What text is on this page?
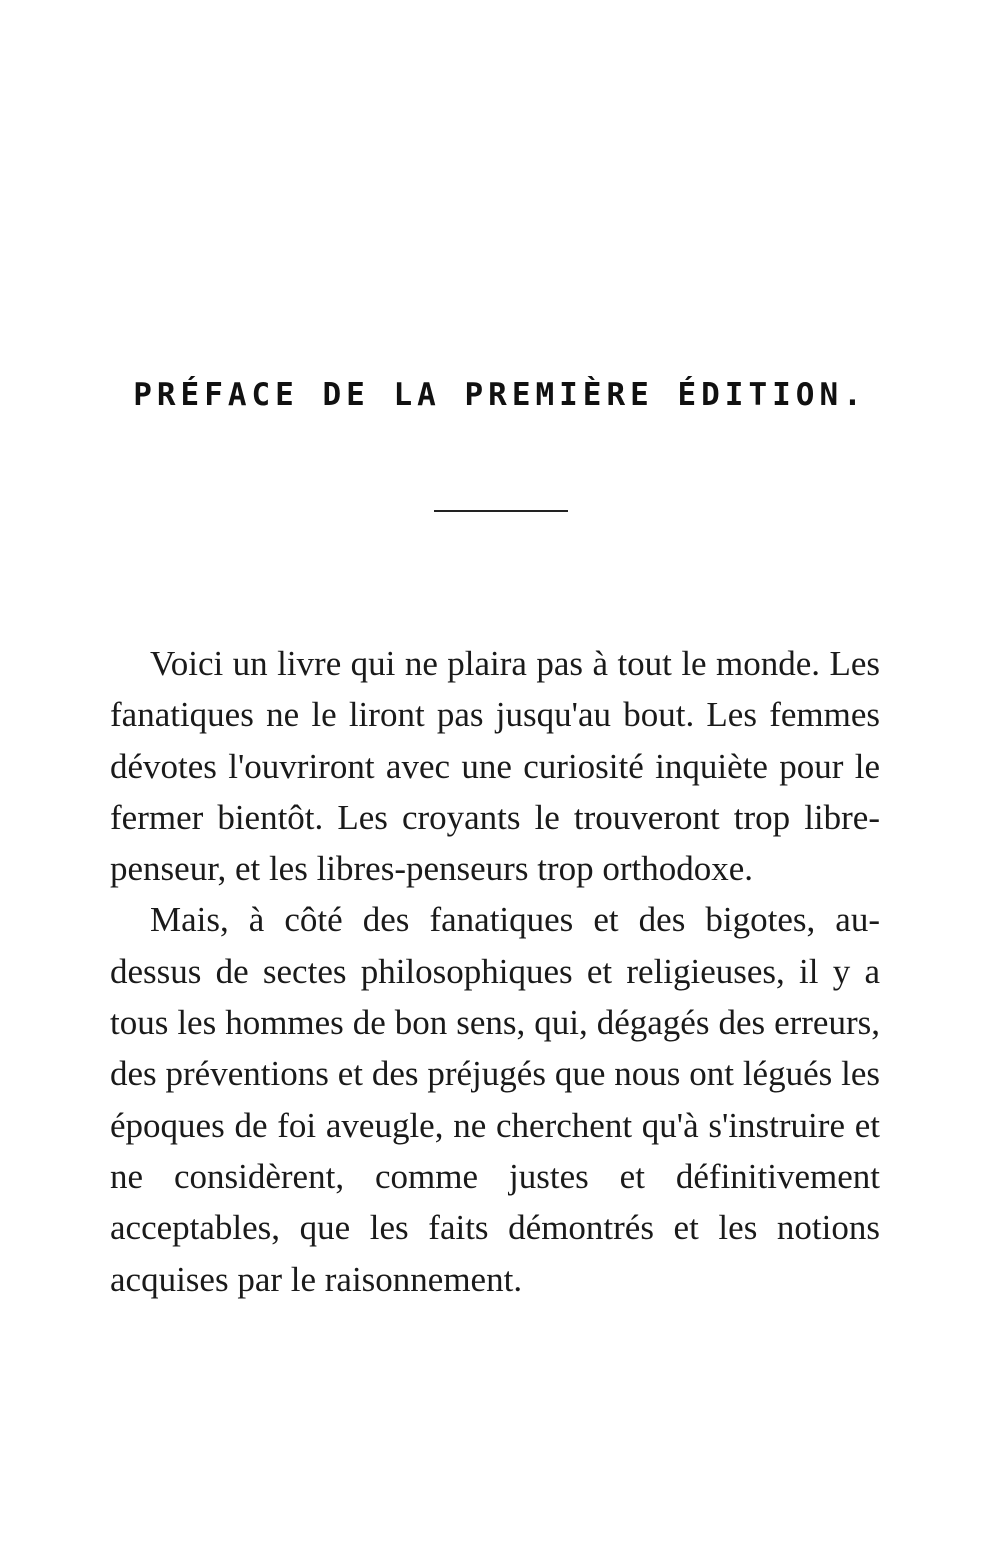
PRÉFACE DE LA PREMIÈRE ÉDITION.

Voici un livre qui ne plaira pas à tout le monde. Les fanatiques ne le liront pas jusqu'au bout. Les femmes dévotes l'ouvriront avec une curiosité inquiète pour le fermer bientôt. Les croyants le trouveront trop libre-penseur, et les libres-penseurs trop orthodoxe.

Mais, à côté des fanatiques et des bigotes, au-dessus de sectes philosophiques et religieuses, il y a tous les hommes de bon sens, qui, dégagés des erreurs, des préventions et des préjugés que nous ont légués les époques de foi aveugle, ne cherchent qu'à s'instruire et ne considèrent, comme justes et définitivement acceptables, que les faits démontrés et les notions acquises par le raisonnement.
